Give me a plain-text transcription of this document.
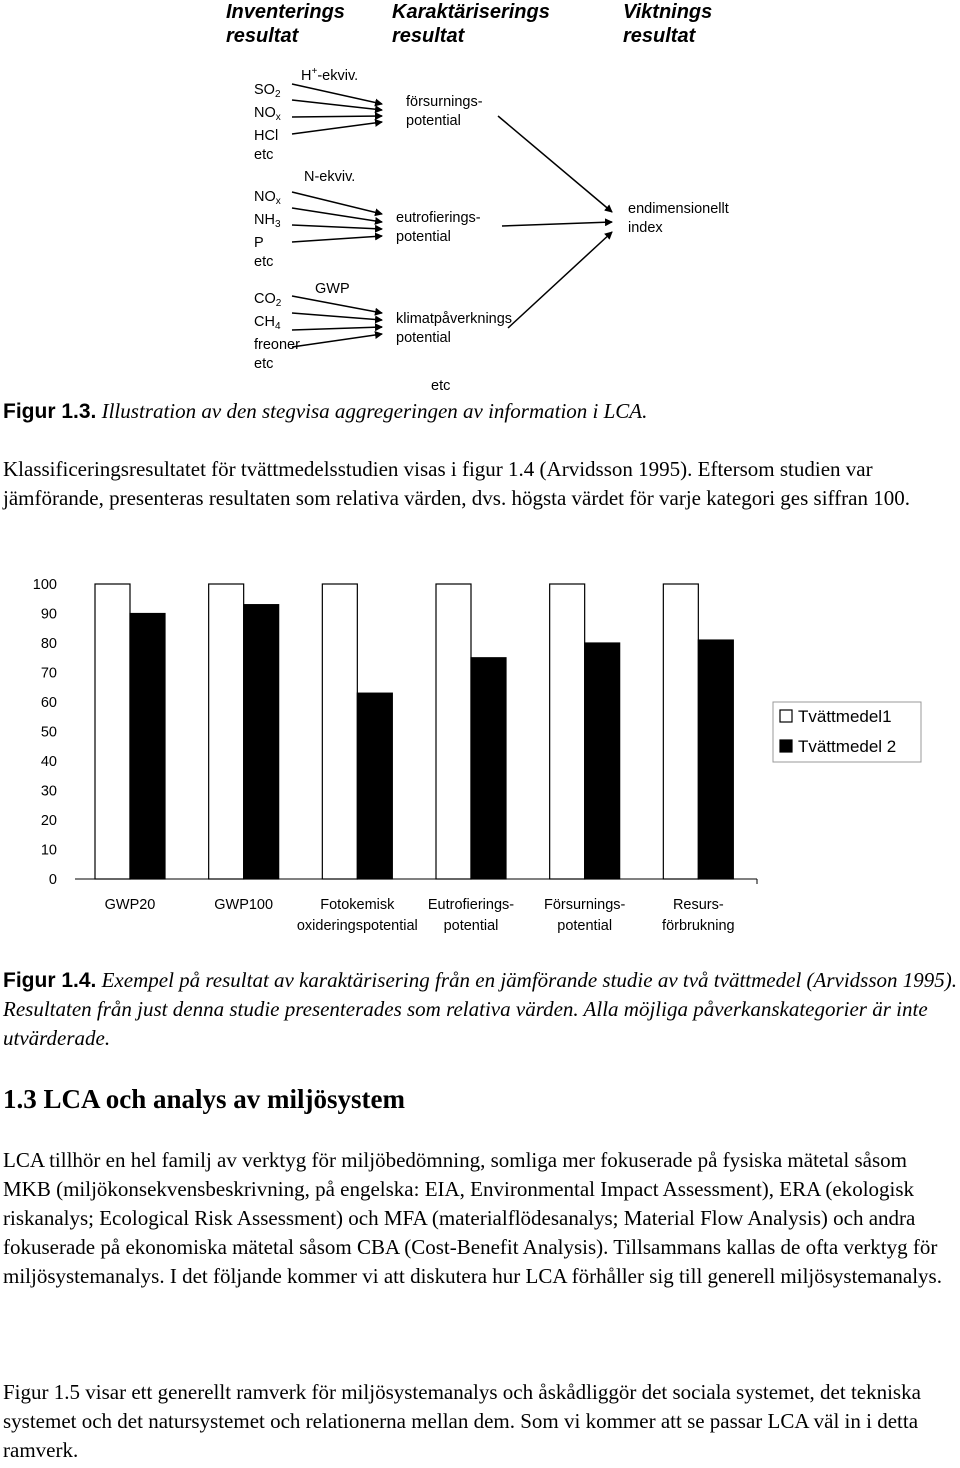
Inventerings
resultat
Karaktäriserings
resultat
Viktnings
resultat
$SO_2$
$NO_x$
HCl
etc
H+-ekviv.
$NO_x$
$NH_3$
P
etc
N-ekviv.
$CO_2$
$CH_4$
freoner
etc
GWP
försurnings-
potential
eutrofierings-
potential
klimatpåverknings
potential
etc
endimensionellt
index
Figur 1.3. Illustration av den stegvisa aggregeringen av information i LCA.
Klassificeringsresultatet för tvättmedelsstudien visas i figur 1.4 (Arvidsson 1995). Eftersom studien var jämförande, presenteras resultaten som relativa värden, dvs. högsta värdet för varje kategori ges siffran 100.
0
10
20
30
40
50
60
70
80
90
100
GWP20	GWP100	Fotokemisk
oxideringspotential
Eutrofierings-
potential
Försurnings-
potential
Resurs-
förbrukning
Tvättmedel1
Tvättmedel 2
Figur 1.4. Exempel på resultat av karaktärisering från en jämförande studie av två tvättmedel (Arvidsson 1995). Resultaten från just denna studie presenterades som relativa värden. Alla möjliga påverkanskategorier är inte utvärderade.
1.3 LCA och analys av miljösystem
LCA tillhör en hel familj av verktyg för miljöbedömning, somliga mer fokuserade på fysiska mätetal såsom MKB (miljökonsekvensbeskrivning, på engelska: EIA, Environmental Impact Assessment), ERA (ekologisk riskanalys; Ecological Risk Assessment) och MFA (materialflödesanalys; Material Flow Analysis) och andra fokuserade på ekonomiska mätetal såsom CBA (Cost-Benefit Analysis). Tillsammans kallas de ofta verktyg för miljösystemanalys. I det följande kommer vi att diskutera hur LCA förhåller sig till generell miljösystemanalys.
Figur 1.5 visar ett generellt ramverk för miljösystemanalys och åskådliggör det sociala systemet, det tekniska systemet och det natursystemet och relationerna mellan dem. Som vi kommer att se passar LCA väl in i detta ramverk.
